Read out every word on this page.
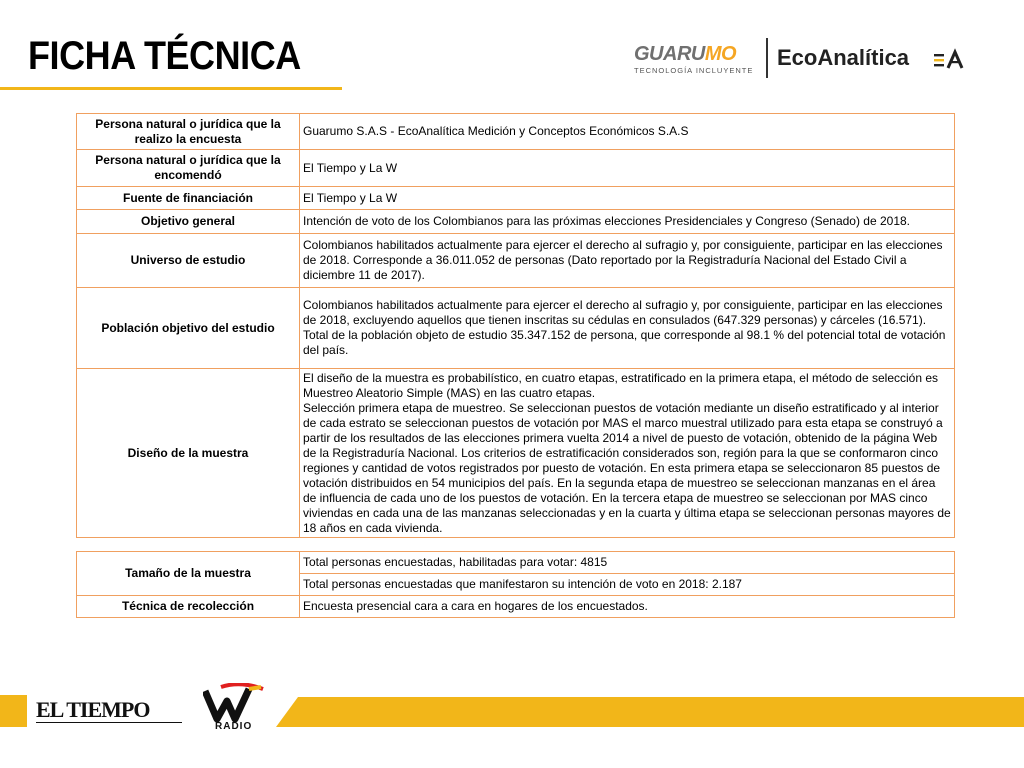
FICHA TÉCNICA	GUARUMO
TECNOLOGÍA INCLUYENTE
EcoAnalítica
Persona natural o jurídica que la realizo la encuesta	Guarumo S.A.S - EcoAnalítica Medición y Conceptos Económicos S.A.S
Persona natural o jurídica que la encomendó	El Tiempo y La W
Fuente de financiación	El Tiempo y La W
Objetivo general	Intención de voto de los Colombianos para las próximas elecciones Presidenciales y Congreso (Senado) de 2018.
Universo de estudio	Colombianos habilitados actualmente para ejercer el derecho al sufragio y, por consiguiente, participar en las elecciones de 2018. Corresponde a 36.011.052 de personas (Dato reportado por la Registraduría Nacional del Estado Civil a diciembre 11 de 2017).
Población objetivo del estudio	Colombianos habilitados actualmente para ejercer el derecho al sufragio y, por consiguiente, participar en las elecciones de 2018, excluyendo aquellos que tienen inscritas su cédulas en consulados (647.329 personas) y cárceles (16.571). Total de la población objeto de estudio 35.347.152 de persona, que corresponde al 98.1 % del potencial total de votación del país.
Diseño de la muestra	El diseño de la muestra es probabilístico, en cuatro etapas, estratificado en la primera etapa, el método de selección es Muestreo Aleatorio Simple (MAS) en las cuatro etapas.
Selección primera etapa de muestreo. Se seleccionan puestos de votación mediante un diseño estratificado y al interior de cada estrato se seleccionan puestos de votación por MAS el marco muestral utilizado para esta etapa se construyó a partir de los resultados de las elecciones primera vuelta 2014 a nivel de puesto de votación, obtenido de la página Web de la Registraduría Nacional. Los criterios de estratificación considerados son, región para la que se conformaron cinco regiones y cantidad de votos registrados por puesto de votación. En esta primera etapa se seleccionaron 85 puestos de votación distribuidos en 54 municipios del país. En la segunda etapa de muestreo se seleccionan manzanas en el área de influencia de cada uno de los puestos de votación. En la tercera etapa de muestreo se seleccionan por MAS cinco viviendas en cada una de las manzanas seleccionadas y en la cuarta y última etapa se seleccionan personas mayores de 18 años en cada vivienda.
Tamaño de la muestra	Total personas encuestadas, habilitadas para votar: 4815
	Total personas encuestadas que manifestaron su intención de voto en 2018: 2.187
Técnica de recolección	Encuesta presencial cara a cara en hogares de los encuestados.
EL TIEMPO
RADIO
